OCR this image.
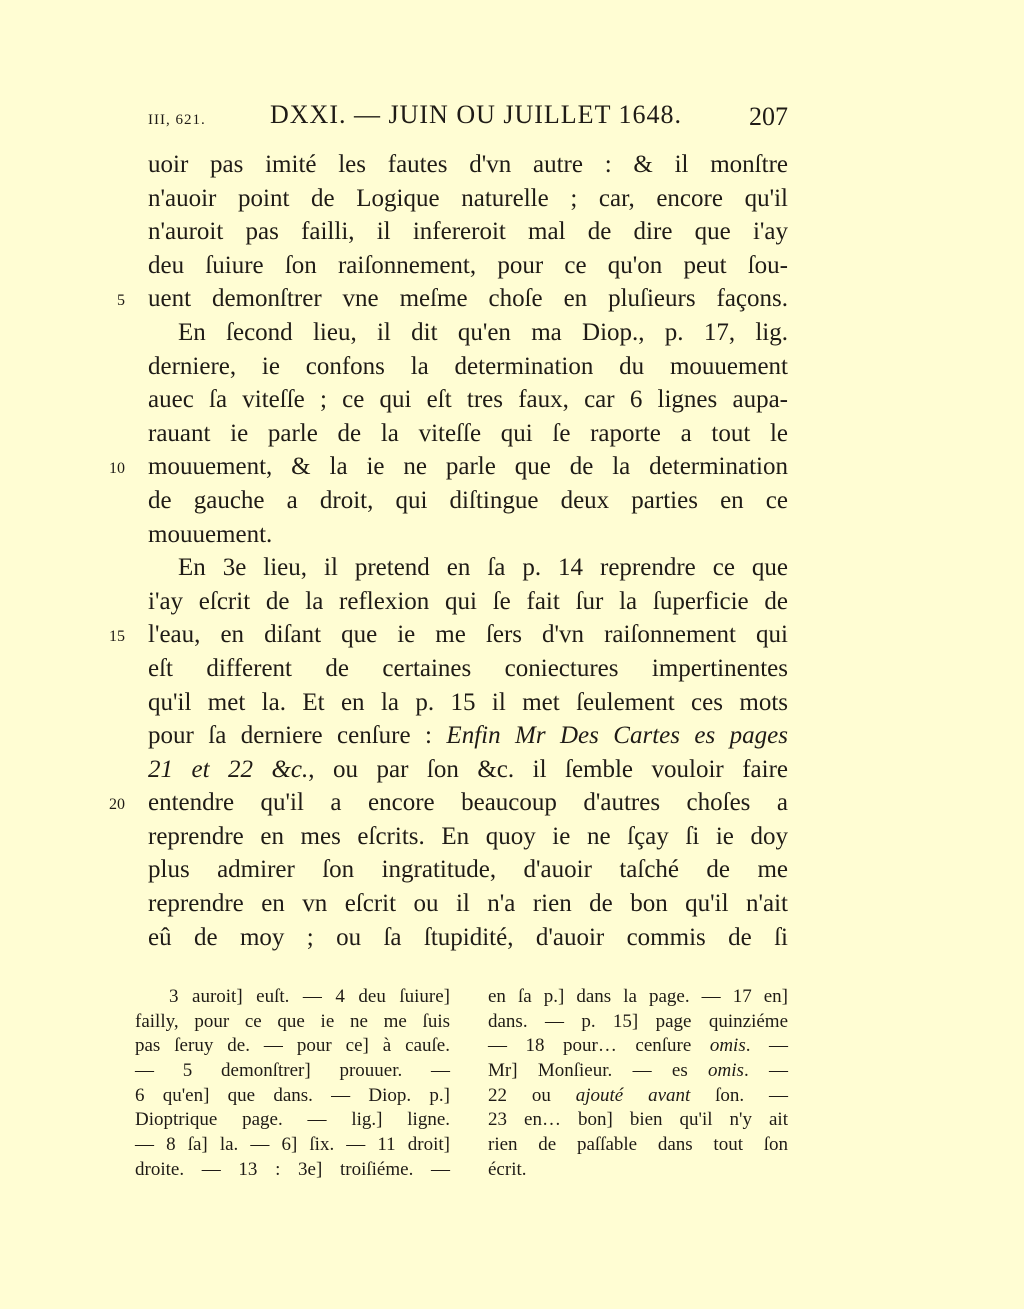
III, 621. DXXI. — JUIN OU JUILLET 1648.	207
5
10
15
20
uoir pas imité les fautes d'vn autre : & il monſtre
n'auoir point de Logique naturelle ; car, encore qu'il
n'auroit pas failli, il infereroit mal de dire que i'ay
deu ſuiure ſon raiſonnement, pour ce qu'on peut ſou-
uent demonſtrer vne meſme choſe en pluſieurs façons.
En ſecond lieu, il dit qu'en ma Diop., p. 17, lig.
derniere, ie confons la determination du mouuement
auec ſa viteſſe ; ce qui eſt tres faux, car 6 lignes aupa-
rauant ie parle de la viteſſe qui ſe raporte a tout le
mouuement, & la ie ne parle que de la determination
de gauche a droit, qui diſtingue deux parties en ce
mouuement.
En 3e lieu, il pretend en ſa p. 14 reprendre ce que
i'ay eſcrit de la reflexion qui ſe fait ſur la ſuperficie de
l'eau, en diſant que ie me ſers d'vn raiſonnement qui
eſt different de certaines coniectures impertinentes
qu'il met la. Et en la p. 15 il met ſeulement ces mots
pour ſa derniere cenſure : Enfin Mr Des Cartes es pages
21 et 22 &c., ou par ſon &c. il ſemble vouloir faire
entendre qu'il a encore beaucoup d'autres choſes a
reprendre en mes eſcrits. En quoy ie ne ſçay ſi ie doy
plus admirer ſon ingratitude, d'auoir taſché de me
reprendre en vn eſcrit ou il n'a rien de bon qu'il n'ait
eû de moy ; ou ſa ſtupidité, d'auoir commis de ſi
3 auroit] euſt. — 4 deu ſuiure]
failly, pour ce que ie ne me ſuis
pas ſeruy de. — pour ce] à cauſe.
— 5 demonſtrer] prouuer. —
6 qu'en] que dans. — Diop. p.]
Dioptrique page. — lig.] ligne.
— 8 ſa] la. — 6] ſix. — 11 droit]
droite. — 13 : 3e] troiſiéme. —
en ſa p.] dans la page. — 17 en]
dans. — p. 15] page quinziéme
— 18 pour… cenſure omis. —
Mr] Monſieur. — es omis. —
22 ou ajouté avant ſon. —
23 en… bon] bien qu'il n'y ait
rien de paſſable dans tout ſon
écrit.
